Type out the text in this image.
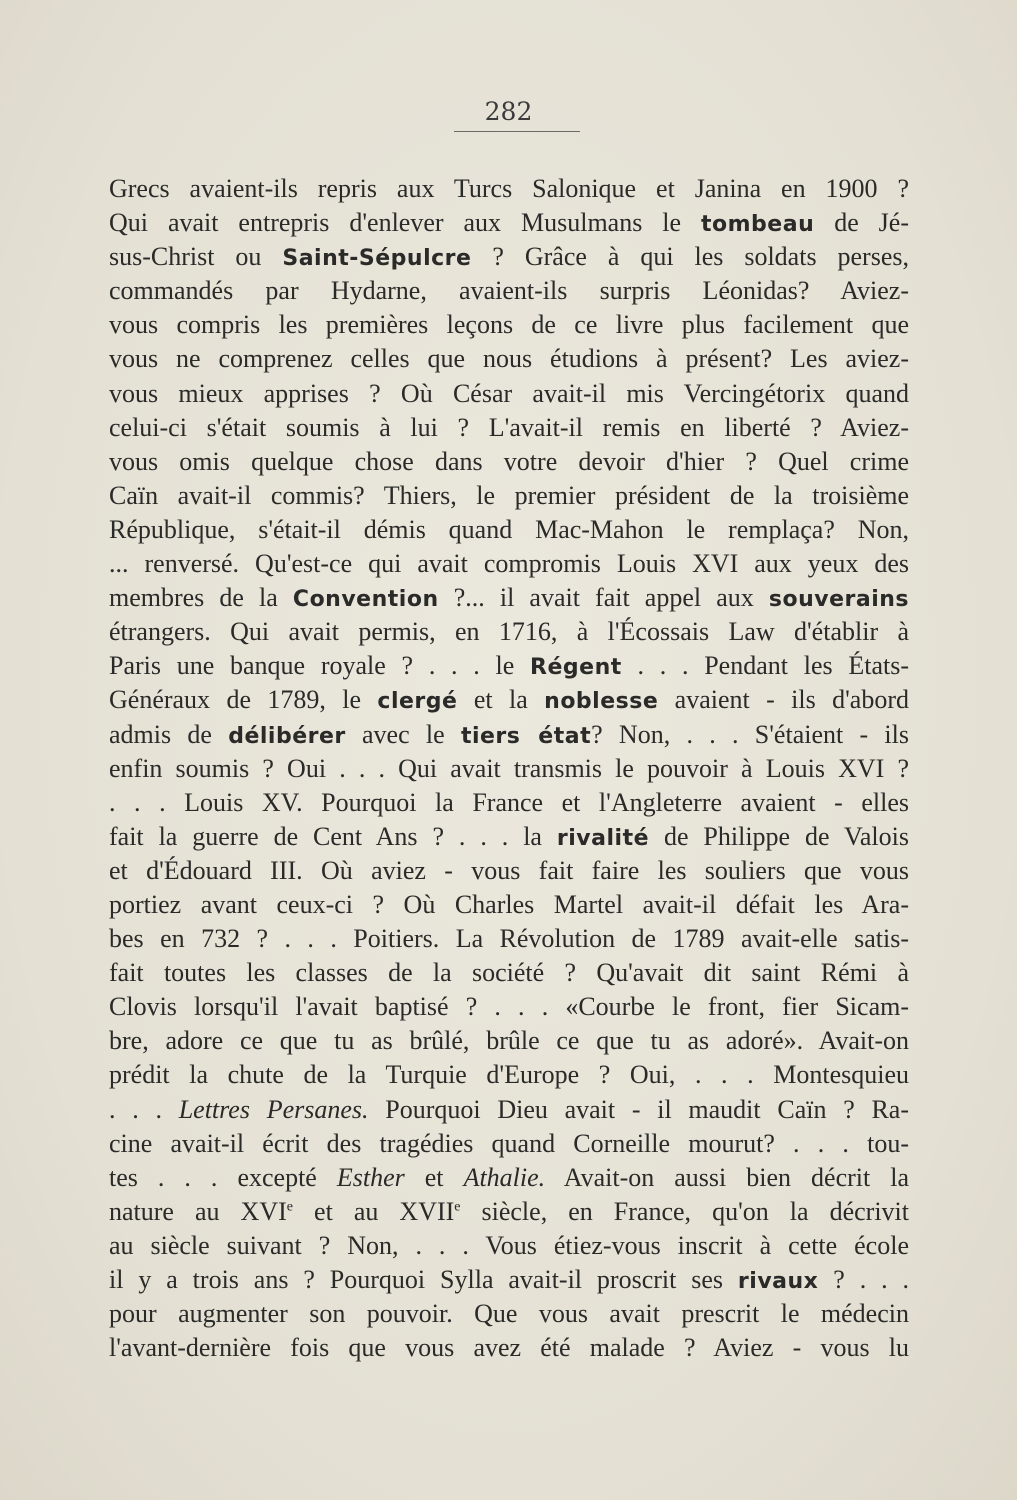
282
Grecs avaient-ils repris aux Turcs Salonique et Janina en 1900 ?
Qui avait entrepris d'enlever aux Musulmans le tombeau de Jé-
sus-Christ ou Saint-Sépulcre ? Grâce à qui les soldats perses,
commandés par Hydarne, avaient-ils surpris Léonidas? Aviez-
vous compris les premières leçons de ce livre plus facilement que
vous ne comprenez celles que nous étudions à présent? Les aviez-
vous mieux apprises ? Où César avait-il mis Vercingétorix quand
celui-ci s'était soumis à lui ? L'avait-il remis en liberté ? Aviez-
vous omis quelque chose dans votre devoir d'hier ? Quel crime
Caïn avait-il commis? Thiers, le premier président de la troisième
République, s'était-il démis quand Mac-Mahon le remplaça? Non,
... renversé. Qu'est-ce qui avait compromis Louis XVI aux yeux des
membres de la Convention ?... il avait fait appel aux souverains
étrangers. Qui avait permis, en 1716, à l'Écossais Law d'établir à
Paris une banque royale ? . . . le Régent . . . Pendant les États-
Généraux de 1789, le clergé et la noblesse avaient - ils d'abord
admis de délibérer avec le tiers état? Non, . . . S'étaient - ils
enfin soumis ? Oui . . . Qui avait transmis le pouvoir à Louis XVI ?
. . . Louis XV. Pourquoi la France et l'Angleterre avaient - elles
fait la guerre de Cent Ans ? . . . la rivalité de Philippe de Valois
et d'Édouard III. Où aviez - vous fait faire les souliers que vous
portiez avant ceux-ci ? Où Charles Martel avait-il défait les Ara-
bes en 732 ? . . . Poitiers. La Révolution de 1789 avait-elle satis-
fait toutes les classes de la société ? Qu'avait dit saint Rémi à
Clovis lorsqu'il l'avait baptisé ? . . . «Courbe le front, fier Sicam-
bre, adore ce que tu as brûlé, brûle ce que tu as adoré». Avait-on
prédit la chute de la Turquie d'Europe ? Oui, . . . Montesquieu
. . . Lettres Persanes. Pourquoi Dieu avait - il maudit Caïn ? Ra-
cine avait-il écrit des tragédies quand Corneille mourut? . . . tou-
tes . . . excepté Esther et Athalie. Avait-on aussi bien décrit la
nature au XVIe et au XVIIe siècle, en France, qu'on la décrivit
au siècle suivant ? Non, . . . Vous étiez-vous inscrit à cette école
il y a trois ans ? Pourquoi Sylla avait-il proscrit ses rivaux ? . . .
pour augmenter son pouvoir. Que vous avait prescrit le médecin
l'avant-dernière fois que vous avez été malade ? Aviez - vous lu
